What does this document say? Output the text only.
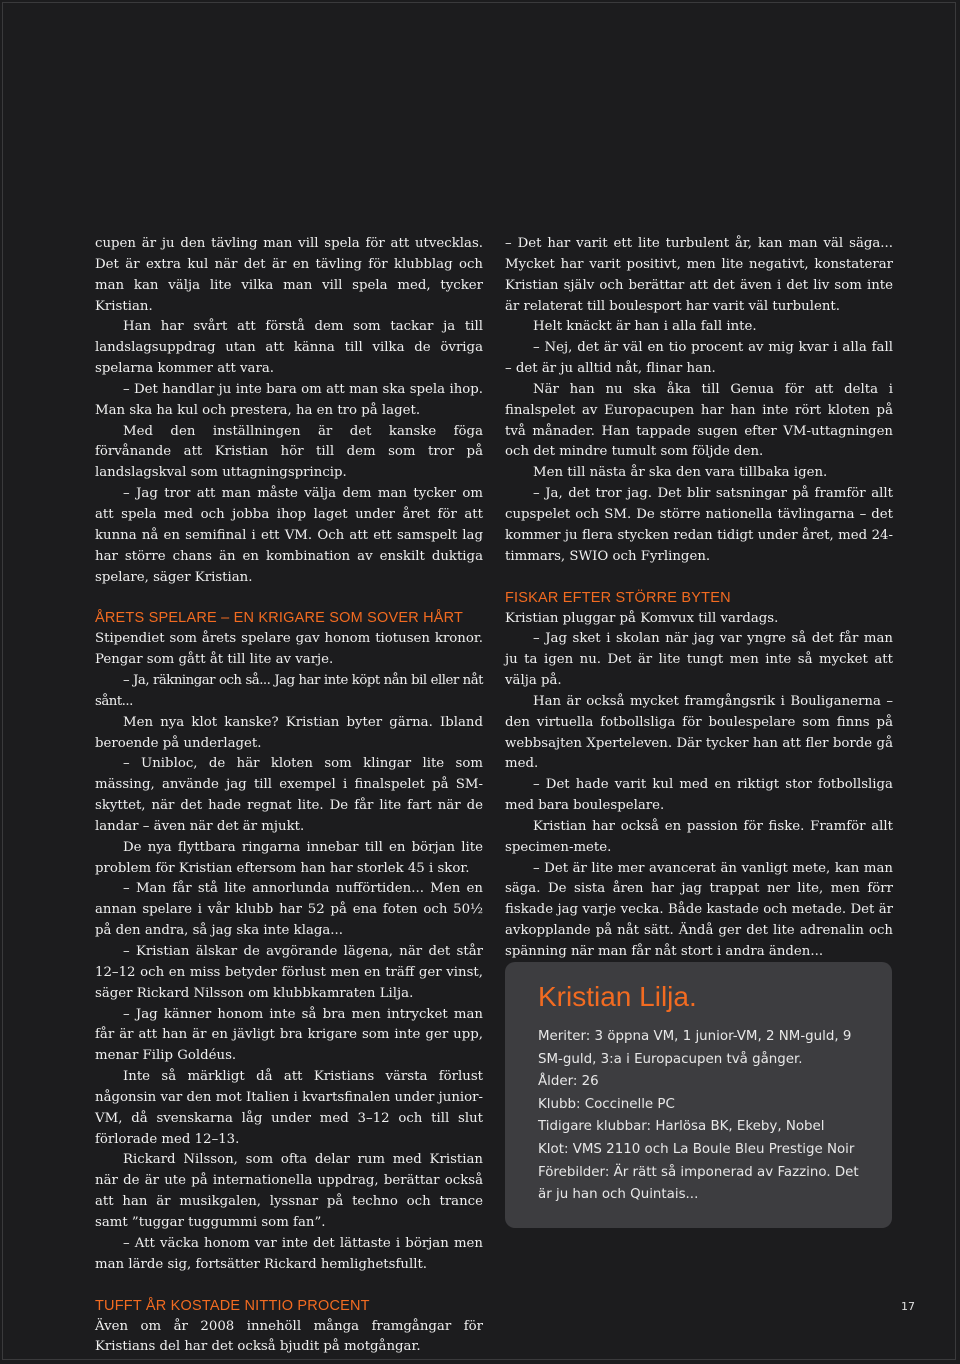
cupen är ju den tävling man vill spela för att utvecklas. Det är extra kul när det är en tävling för klubblag och man kan välja lite vilka man vill spela med, tycker Kristian.

Han har svårt att förstå dem som tackar ja till landslagsuppdrag utan att känna till vilka de övriga spelarna kommer att vara.

– Det handlar ju inte bara om att man ska spela ihop. Man ska ha kul och prestera, ha en tro på laget.

Med den inställningen är det kanske föga förvånande att Kristian hör till dem som tror på landslagskval som uttagningsprincip.

– Jag tror att man måste välja dem man tycker om att spela med och jobba ihop laget under året för att kunna nå en semifinal i ett VM. Och att ett samspelt lag har större chans än en kombination av enskilt duktiga spelare, säger Kristian.

ÅRETS SPELARE – EN KRIGARE SOM SOVER HÅRT

Stipendiet som årets spelare gav honom tiotusen kronor. Pengar som gått åt till lite av varje.

– Ja, räkningar och så... Jag har inte köpt nån bil eller nåt sånt...

Men nya klot kanske? Kristian byter gärna. Ibland beroende på underlaget.

– Unibloc, de här kloten som klingar lite som mässing, använde jag till exempel i finalspelet på SM-skyttet, när det hade regnat lite. De får lite fart när de landar – även när det är mjukt.

De nya flyttbara ringarna innebar till en början lite problem för Kristian eftersom han har storlek 45 i skor.

– Man får stå lite annorlunda nufförtiden... Men en annan spelare i vår klubb har 52 på ena foten och 50½ på den andra, så jag ska inte klaga...

– Kristian älskar de avgörande lägena, när det står 12–12 och en miss betyder förlust men en träff ger vinst, säger Rickard Nilsson om klubbkamraten Lilja.

– Jag känner honom inte så bra men intrycket man får är att han är en jävligt bra krigare som inte ger upp, menar Filip Goldéus.

Inte så märkligt då att Kristians värsta förlust någonsin var den mot Italien i kvartsfinalen under junior-VM, då svenskarna låg under med 3–12 och till slut förlorade med 12–13.

Rickard Nilsson, som ofta delar rum med Kristian när de är ute på internationella uppdrag, berättar också att han är musikgalen, lyssnar på techno och trance samt ”tuggar tuggummi som fan”.

– Att väcka honom var inte det lättaste i början men man lärde sig, fortsätter Rickard hemlighetsfullt.

TUFFT ÅR KOSTADE NITTIO PROCENT

Även om år 2008 innehöll många framgångar för Kristians del har det också bjudit på motgångar.

– Det har varit ett lite turbulent år, kan man väl säga... Mycket har varit positivt, men lite negativt, konstaterar Kristian själv och berättar att det även i det liv som inte är relaterat till boulesport har varit väl turbulent.

Helt knäckt är han i alla fall inte.

– Nej, det är väl en tio procent av mig kvar i alla fall – det är ju alltid nåt, flinar han.

När han nu ska åka till Genua för att delta i finalspelet av Europacupen har han inte rört kloten på två månader. Han tappade sugen efter VM-uttagningen och det mindre tumult som följde den.

Men till nästa år ska den vara tillbaka igen.

– Ja, det tror jag. Det blir satsningar på framför allt cupspelet och SM. De större nationella tävlingarna – det kommer ju flera stycken redan tidigt under året, med 24-timmars, SWIO och Fyrlingen.

FISKAR EFTER STÖRRE BYTEN

Kristian pluggar på Komvux till vardags.

– Jag sket i skolan när jag var yngre så det får man ju ta igen nu. Det är lite tungt men inte så mycket att välja på.

Han är också mycket framgångsrik i Bouliganerna – den virtuella fotbollsliga för boulespelare som finns på webbsajten Xperteleven. Där tycker han att fler borde gå med.

– Det hade varit kul med en riktigt stor fotbollsliga med bara boulespelare.

Kristian har också en passion för fiske. Framför allt specimen-mete.

– Det är lite mer avancerat än vanligt mete, kan man säga. De sista åren har jag trappat ner lite, men förr fiskade jag varje vecka. Både kastade och metade. Det är avkopplande på nåt sätt. Ändå ger det lite adrenalin och spänning när man får nåt stort i andra änden...

Kristian Lilja.

Meriter: 3 öppna VM, 1 junior-VM, 2 NM-guld, 9 SM-guld, 3:a i Europacupen två gånger.

Ålder: 26

Klubb: Coccinelle PC

Tidigare klubbar: Harlösa BK, Ekeby, Nobel

Klot: VMS 2110 och La Boule Bleu Prestige Noir

Förebilder: Är rätt så imponerad av Fazzino. Det är ju han och Quintais...

17
